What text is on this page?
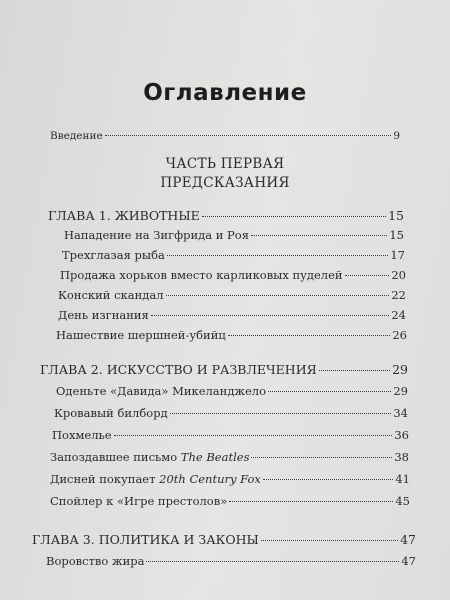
Оглавление
Введение	9
ЧАСТЬ ПЕРВАЯ
ПРЕДСКАЗАНИЯ
ГЛАВА 1. ЖИВОТНЫЕ	15
Нападение на Зигфрида и Роя	15
Трехглазая рыба	17
Продажа хорьков вместо карликовых пуделей	20
Конский скандал	22
День изгнания	24
Нашествие шершней-убийц	26
ГЛАВА 2. ИСКУССТВО И РАЗВЛЕЧЕНИЯ	29
Оденьте «Давида» Микеланджело	29
Кровавый билборд	34
Похмелье	36
Запоздавшее письмо The Beatles	38
Дисней покупает 20th Century Fox	41
Спойлер к «Игре престолов»	45
ГЛАВА 3. ПОЛИТИКА И ЗАКОНЫ	47
Воровство жира	47
